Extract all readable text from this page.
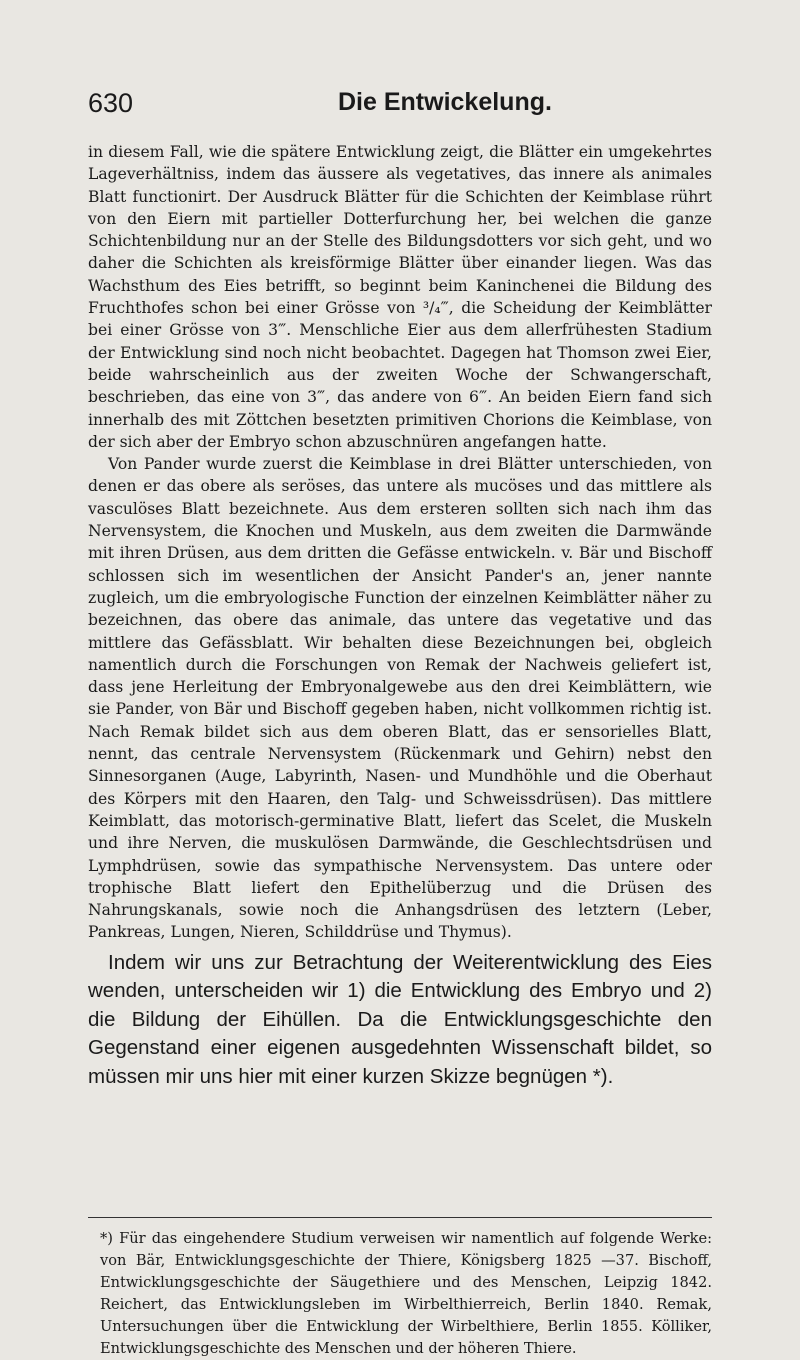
630	Die Entwickelung.

in diesem Fall, wie die spätere Entwicklung zeigt, die Blätter ein umgekehrtes Lageverhältniss, indem das äussere als vegetatives, das innere als animales Blatt functionirt. Der Ausdruck Blätter für die Schichten der Keimblase rührt von den Eiern mit partieller Dotterfurchung her, bei welchen die ganze Schichtenbildung nur an der Stelle des Bildungsdotters vor sich geht, und wo daher die Schichten als kreisförmige Blätter über einander liegen. Was das Wachsthum des Eies betrifft, so beginnt beim Kaninchenei die Bildung des Fruchthofes schon bei einer Grösse von ³/₄‴, die Scheidung der Keimblätter bei einer Grösse von 3‴. Menschliche Eier aus dem allerfrühesten Stadium der Entwicklung sind noch nicht beobachtet. Dagegen hat Thomson zwei Eier, beide wahrscheinlich aus der zweiten Woche der Schwangerschaft, beschrieben, das eine von 3‴, das andere von 6‴. An beiden Eiern fand sich innerhalb des mit Zöttchen besetzten primitiven Chorions die Keimblase, von der sich aber der Embryo schon abzuschnüren angefangen hatte.

Von Pander wurde zuerst die Keimblase in drei Blätter unterschieden, von denen er das obere als seröses, das untere als mucöses und das mittlere als vasculöses Blatt bezeichnete. Aus dem ersteren sollten sich nach ihm das Nervensystem, die Knochen und Muskeln, aus dem zweiten die Darmwände mit ihren Drüsen, aus dem dritten die Gefässe entwickeln. v. Bär und Bischoff schlossen sich im wesentlichen der Ansicht Pander's an, jener nannte zugleich, um die embryologische Function der einzelnen Keimblätter näher zu bezeichnen, das obere das animale, das untere das vegetative und das mittlere das Gefässblatt. Wir behalten diese Bezeichnungen bei, obgleich namentlich durch die Forschungen von Remak der Nachweis geliefert ist, dass jene Herleitung der Embryonalgewebe aus den drei Keimblättern, wie sie Pander, von Bär und Bischoff gegeben haben, nicht vollkommen richtig ist. Nach Remak bildet sich aus dem oberen Blatt, das er sensorielles Blatt, nennt, das centrale Nervensystem (Rückenmark und Gehirn) nebst den Sinnesorganen (Auge, Labyrinth, Nasen- und Mundhöhle und die Oberhaut des Körpers mit den Haaren, den Talg- und Schweissdrüsen). Das mittlere Keimblatt, das motorisch-germinative Blatt, liefert das Scelet, die Muskeln und ihre Nerven, die muskulösen Darmwände, die Geschlechtsdrüsen und Lymphdrüsen, sowie das sympathische Nervensystem. Das untere oder trophische Blatt liefert den Epithelüberzug und die Drüsen des Nahrungskanals, sowie noch die Anhangsdrüsen des letztern (Leber, Pankreas, Lungen, Nieren, Schilddrüse und Thymus).

Indem wir uns zur Betrachtung der Weiterentwicklung des Eies wenden, unterscheiden wir 1) die Entwicklung des Embryo und 2) die Bildung der Eihüllen. Da die Entwicklungsgeschichte den Gegenstand einer eigenen ausgedehnten Wissenschaft bildet, so müssen mir uns hier mit einer kurzen Skizze begnügen *).

*) Für das eingehendere Studium verweisen wir namentlich auf folgende Werke: von Bär, Entwicklungsgeschichte der Thiere, Königsberg 1825 —37. Bischoff, Entwicklungsgeschichte der Säugethiere und des Menschen, Leipzig 1842. Reichert, das Entwicklungsleben im Wirbelthierreich, Berlin 1840. Remak, Untersuchungen über die Entwicklung der Wirbelthiere, Berlin 1855. Kölliker, Entwicklungsgeschichte des Menschen und der höheren Thiere.
